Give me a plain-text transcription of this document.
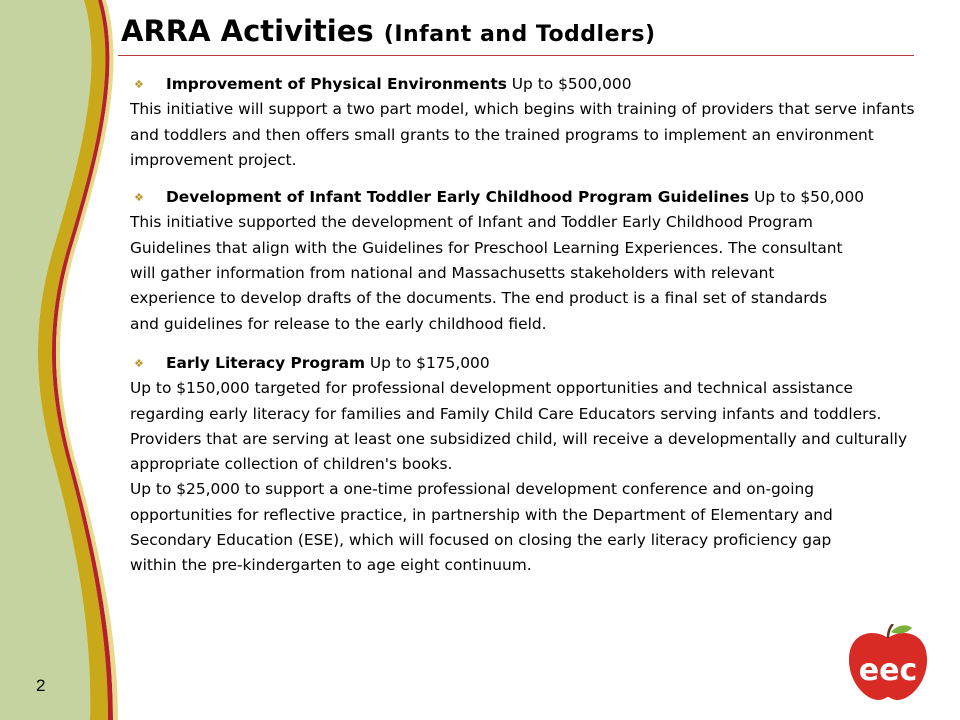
2
ARRA Activities (Infant and Toddlers)
❖	Improvement of Physical Environments
Up to $500,000

This initiative will support a two part model, which begins with training of providers that serve infants and toddlers and then offers small grants to the trained programs to implement an environment improvement project.

❖	Development of Infant Toddler Early Childhood Program Guidelines
Up to $50,000

This initiative supported the development of Infant and Toddler Early Childhood Program Guidelines that align with the Guidelines for Preschool Learning Experiences. The consultant will gather information from national and Massachusetts stakeholders with relevant experience to develop drafts of the documents. The end product is a final set of standards and guidelines for release to the early childhood field.

❖	Early Literacy Program
Up to $175,000

Up to $150,000 targeted for professional development opportunities and technical assistance regarding early literacy for families and Family Child Care Educators serving infants and toddlers. Providers that are serving at least one subsidized child, will receive a developmentally and culturally appropriate collection of children's books.

Up to $25,000 to support a one-time professional development conference and on-going opportunities for reflective practice, in partnership with the Department of Elementary and Secondary Education (ESE), which will focused on closing the early literacy proficiency gap within the pre-kindergarten to age eight continuum.

eec
